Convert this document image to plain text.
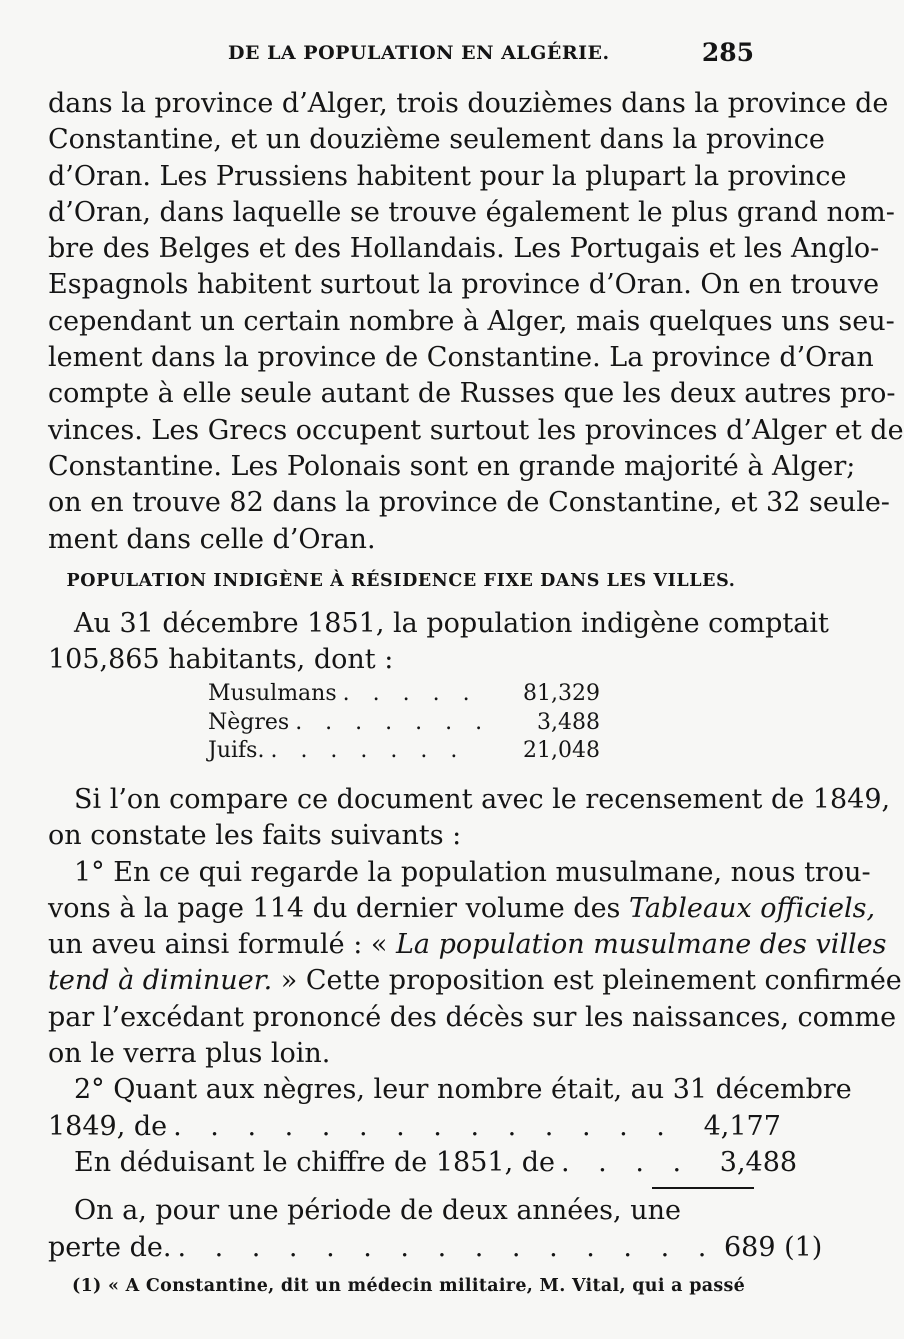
DE LA POPULATION EN ALGÉRIE.	285
dans la province d’Alger, trois douzièmes dans la province de
Constantine, et un douzième seulement dans la province
d’Oran. Les Prussiens habitent pour la plupart la province
d’Oran, dans laquelle se trouve également le plus grand nom-
bre des Belges et des Hollandais. Les Portugais et les Anglo-
Espagnols habitent surtout la province d’Oran. On en trouve
cependant un certain nombre à Alger, mais quelques uns seu-
lement dans la province de Constantine. La province d’Oran
compte à elle seule autant de Russes que les deux autres pro-
vinces. Les Grecs occupent surtout les provinces d’Alger et de
Constantine. Les Polonais sont en grande majorité à Alger;
on en trouve 82 dans la province de Constantine, et 32 seule-
ment dans celle d’Oran.
POPULATION INDIGÈNE À RÉSIDENCE FIXE DANS LES VILLES.
Au 31 décembre 1851, la population indigène comptait
105,865 habitants, dont :
Musulmans . . . . .	81,329
Nègres . . . . . . .	3,488
Juifs. . . . . . . .	21,048
Si l’on compare ce document avec le recensement de 1849,
on constate les faits suivants :
1° En ce qui regarde la population musulmane, nous trou-
vons à la page 114 du dernier volume des Tableaux officiels,
un aveu ainsi formulé : « La population musulmane des villes
tend à diminuer. » Cette proposition est pleinement confirmée
par l’excédant prononcé des décès sur les naissances, comme
on le verra plus loin.
2° Quant aux nègres, leur nombre était, au 31 décembre
1849, de . . . . . . . . . . . . . .	4,177
En déduisant le chiffre de 1851, de . . . .	3,488
On a, pour une période de deux années, une
perte de. . . . . . . . . . . . . . . . 689 (1)
(1) « A Constantine, dit un médecin militaire, M. Vital, qui a passé
